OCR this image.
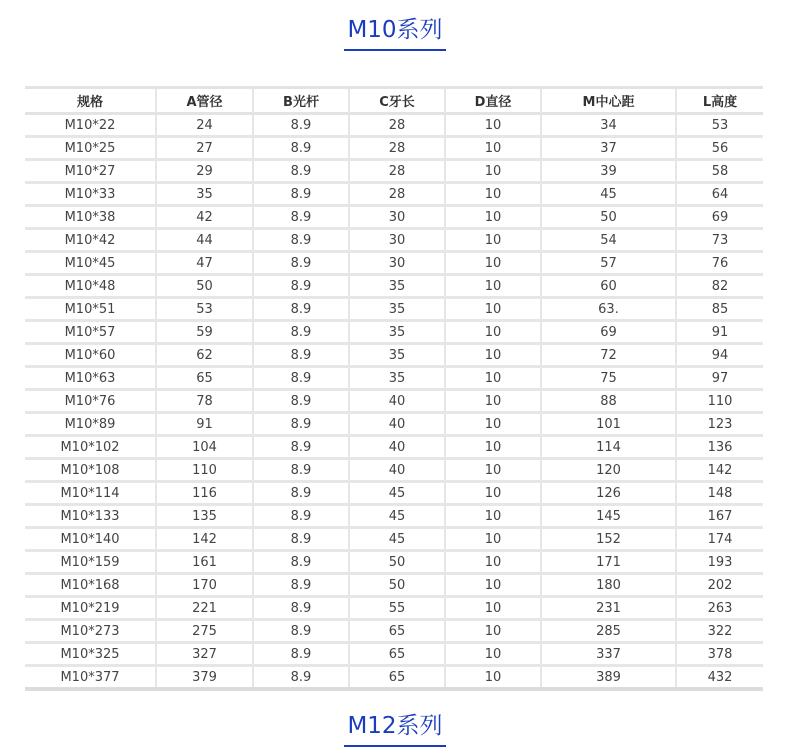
M10系列
规格	A管径	B光杆	C牙长	D直径	M中心距	L高度
M10*22	24	8.9	28	10	34	53
M10*25	27	8.9	28	10	37	56
M10*27	29	8.9	28	10	39	58
M10*33	35	8.9	28	10	45	64
M10*38	42	8.9	30	10	50	69
M10*42	44	8.9	30	10	54	73
M10*45	47	8.9	30	10	57	76
M10*48	50	8.9	35	10	60	82
M10*51	53	8.9	35	10	63.	85
M10*57	59	8.9	35	10	69	91
M10*60	62	8.9	35	10	72	94
M10*63	65	8.9	35	10	75	97
M10*76	78	8.9	40	10	88	110
M10*89	91	8.9	40	10	101	123
M10*102	104	8.9	40	10	114	136
M10*108	110	8.9	40	10	120	142
M10*114	116	8.9	45	10	126	148
M10*133	135	8.9	45	10	145	167
M10*140	142	8.9	45	10	152	174
M10*159	161	8.9	50	10	171	193
M10*168	170	8.9	50	10	180	202
M10*219	221	8.9	55	10	231	263
M10*273	275	8.9	65	10	285	322
M10*325	327	8.9	65	10	337	378
M10*377	379	8.9	65	10	389	432
M12系列
